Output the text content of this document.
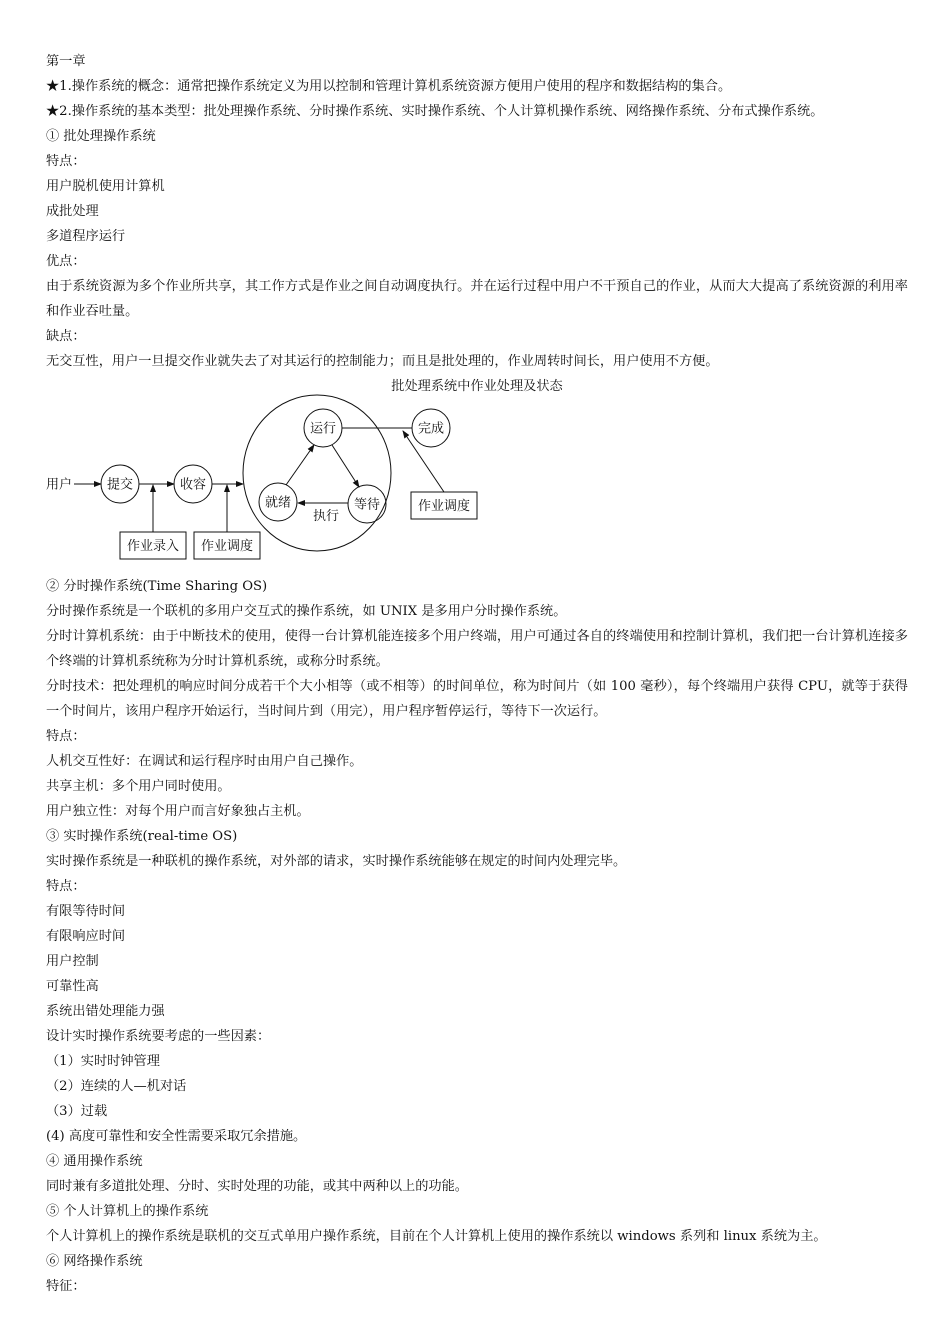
第一章
★1.操作系统的概念：通常把操作系统定义为用以控制和管理计算机系统资源方便用户使用的程序和数据结构的集合。
★2.操作系统的基本类型：批处理操作系统、分时操作系统、实时操作系统、个人计算机操作系统、网络操作系统、分布式操作系统。
① 批处理操作系统
特点：
用户脱机使用计算机
成批处理
多道程序运行
优点：
由于系统资源为多个作业所共享，其工作方式是作业之间自动调度执行。并在运行过程中用户不干预自己的作业，从而大大提高了系统资源的利用率和作业吞吐量。
缺点：
无交互性，用户一旦提交作业就失去了对其运行的控制能力；而且是批处理的，作业周转时间长，用户使用不方便。
批处理系统中作业处理及状态
用户	提交	收容
运行
就绪	等待
完成
执行
作业录入 作业调度
作业调度
② 分时操作系统(Time Sharing OS)
分时操作系统是一个联机的多用户交互式的操作系统，如 UNIX 是多用户分时操作系统。
分时计算机系统：由于中断技术的使用，使得一台计算机能连接多个用户终端，用户可通过各自的终端使用和控制计算机，我们把一台计算机连接多个终端的计算机系统称为分时计算机系统，或称分时系统。
分时技术：把处理机的响应时间分成若干个大小相等（或不相等）的时间单位，称为时间片（如 100 毫秒），每个终端用户获得 CPU，就等于获得一个时间片，该用户程序开始运行，当时间片到（用完），用户程序暂停运行，等待下一次运行。
特点：
人机交互性好：在调试和运行程序时由用户自己操作。
共享主机：多个用户同时使用。
用户独立性：对每个用户而言好象独占主机。
③ 实时操作系统(real-time OS)
实时操作系统是一种联机的操作系统，对外部的请求，实时操作系统能够在规定的时间内处理完毕。
特点：
有限等待时间
有限响应时间
用户控制
可靠性高
系统出错处理能力强
设计实时操作系统要考虑的一些因素：
（1）实时时钟管理
（2）连续的人—机对话
（3）过载
(4) 高度可靠性和安全性需要采取冗余措施。
④ 通用操作系统
同时兼有多道批处理、分时、实时处理的功能，或其中两种以上的功能。
⑤ 个人计算机上的操作系统
个人计算机上的操作系统是联机的交互式单用户操作系统，目前在个人计算机上使用的操作系统以 windows 系列和 linux 系统为主。
⑥ 网络操作系统
特征：
